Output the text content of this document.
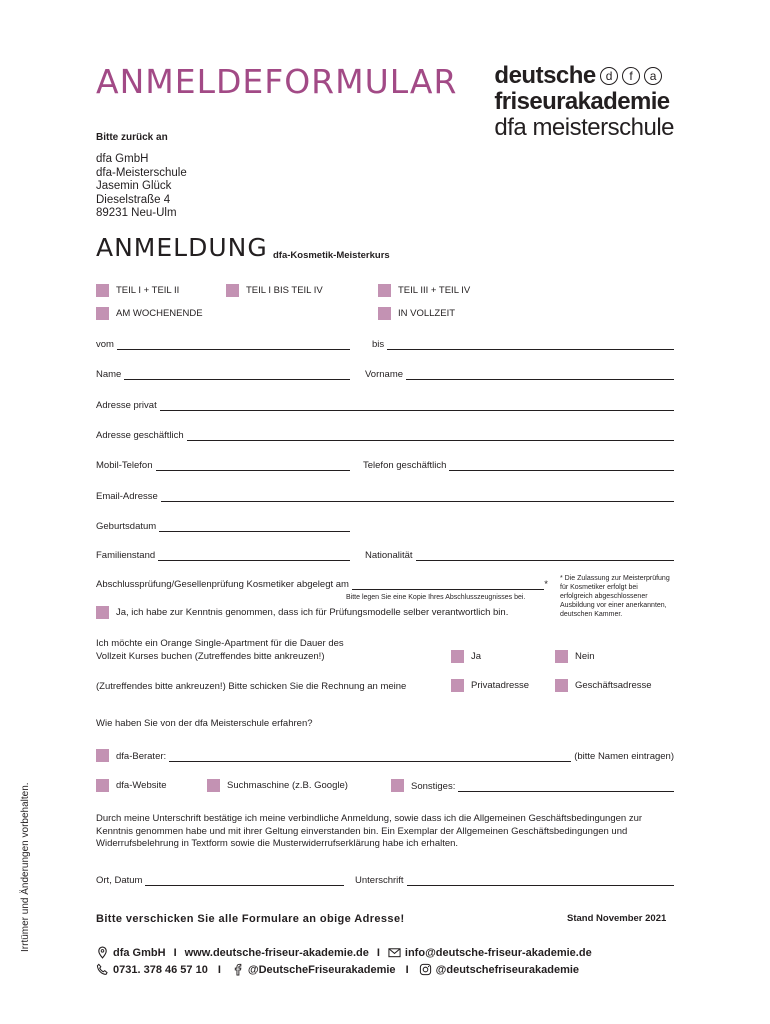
ANMELDEFORMULAR deutsche d	f	a
friseurakademie
dfa meisterschule
Bitte zurück an
dfa GmbH
dfa-Meisterschule
Jasemin Glück
Dieselstraße 4
89231 Neu-Ulm
ANMELDUNG dfa-Kosmetik-Meisterkurs
TEIL I + TEIL II	TEIL I BIS TEIL IV	TEIL III + TEIL IV
AM WOCHENENDE	IN VOLLZEIT
vom	bis
Name	Vorname
Adresse privat
Adresse geschäftlich
Mobil-Telefon	Telefon geschäftlich
Email-Adresse
Geburtsdatum
Familienstand	Nationalität
Abschlussprüfung/Gesellenprüfung Kosmetiker abgelegt am	*
Bitte legen Sie eine Kopie Ihres Abschlusszeugnisses bei.
* Die Zulassung zur Meisterprüfung für Kosmetiker erfolgt bei erfolgreich abgeschlossener Ausbildung vor einer anerkannten, deutschen Kammer.
Ja, ich habe zur Kenntnis genommen, dass ich für Prüfungsmodelle selber verantwortlich bin.
Ich möchte ein Orange Single-Apartment für die Dauer des
Vollzeit Kurses buchen (Zutreffendes bitte ankreuzen!)	Ja	Nein
(Zutreffendes bitte ankreuzen!) Bitte schicken Sie die Rechnung an meine	Privatadresse	Geschäftsadresse
Wie haben Sie von der dfa Meisterschule erfahren?
dfa-Berater:	(bitte Namen eintragen)
dfa-Website	Suchmaschine (z.B. Google)	Sonstiges:
Durch meine Unterschrift bestätige ich meine verbindliche Anmeldung, sowie dass ich die Allgemeinen Geschäftsbedingungen zur Kenntnis genommen habe und mit ihrer Geltung einverstanden bin. Ein Exemplar der Allgemeinen Geschäftsbedingungen und Widerrufsbelehrung in Textform sowie die Musterwiderrufserklärung habe ich erhalten.
Ort, Datum	Unterschrift
Bitte verschicken Sie alle Formulare an obige Adresse!	Stand November 2021
Irrtümer und Änderungen vorbehalten.
dfa GmbH I www.deutsche-friseur-akademie.de I info@deutsche-friseur-akademie.de
0731. 378 46 57 10 I @DeutscheFriseurakademie I @deutschefriseurakademie
